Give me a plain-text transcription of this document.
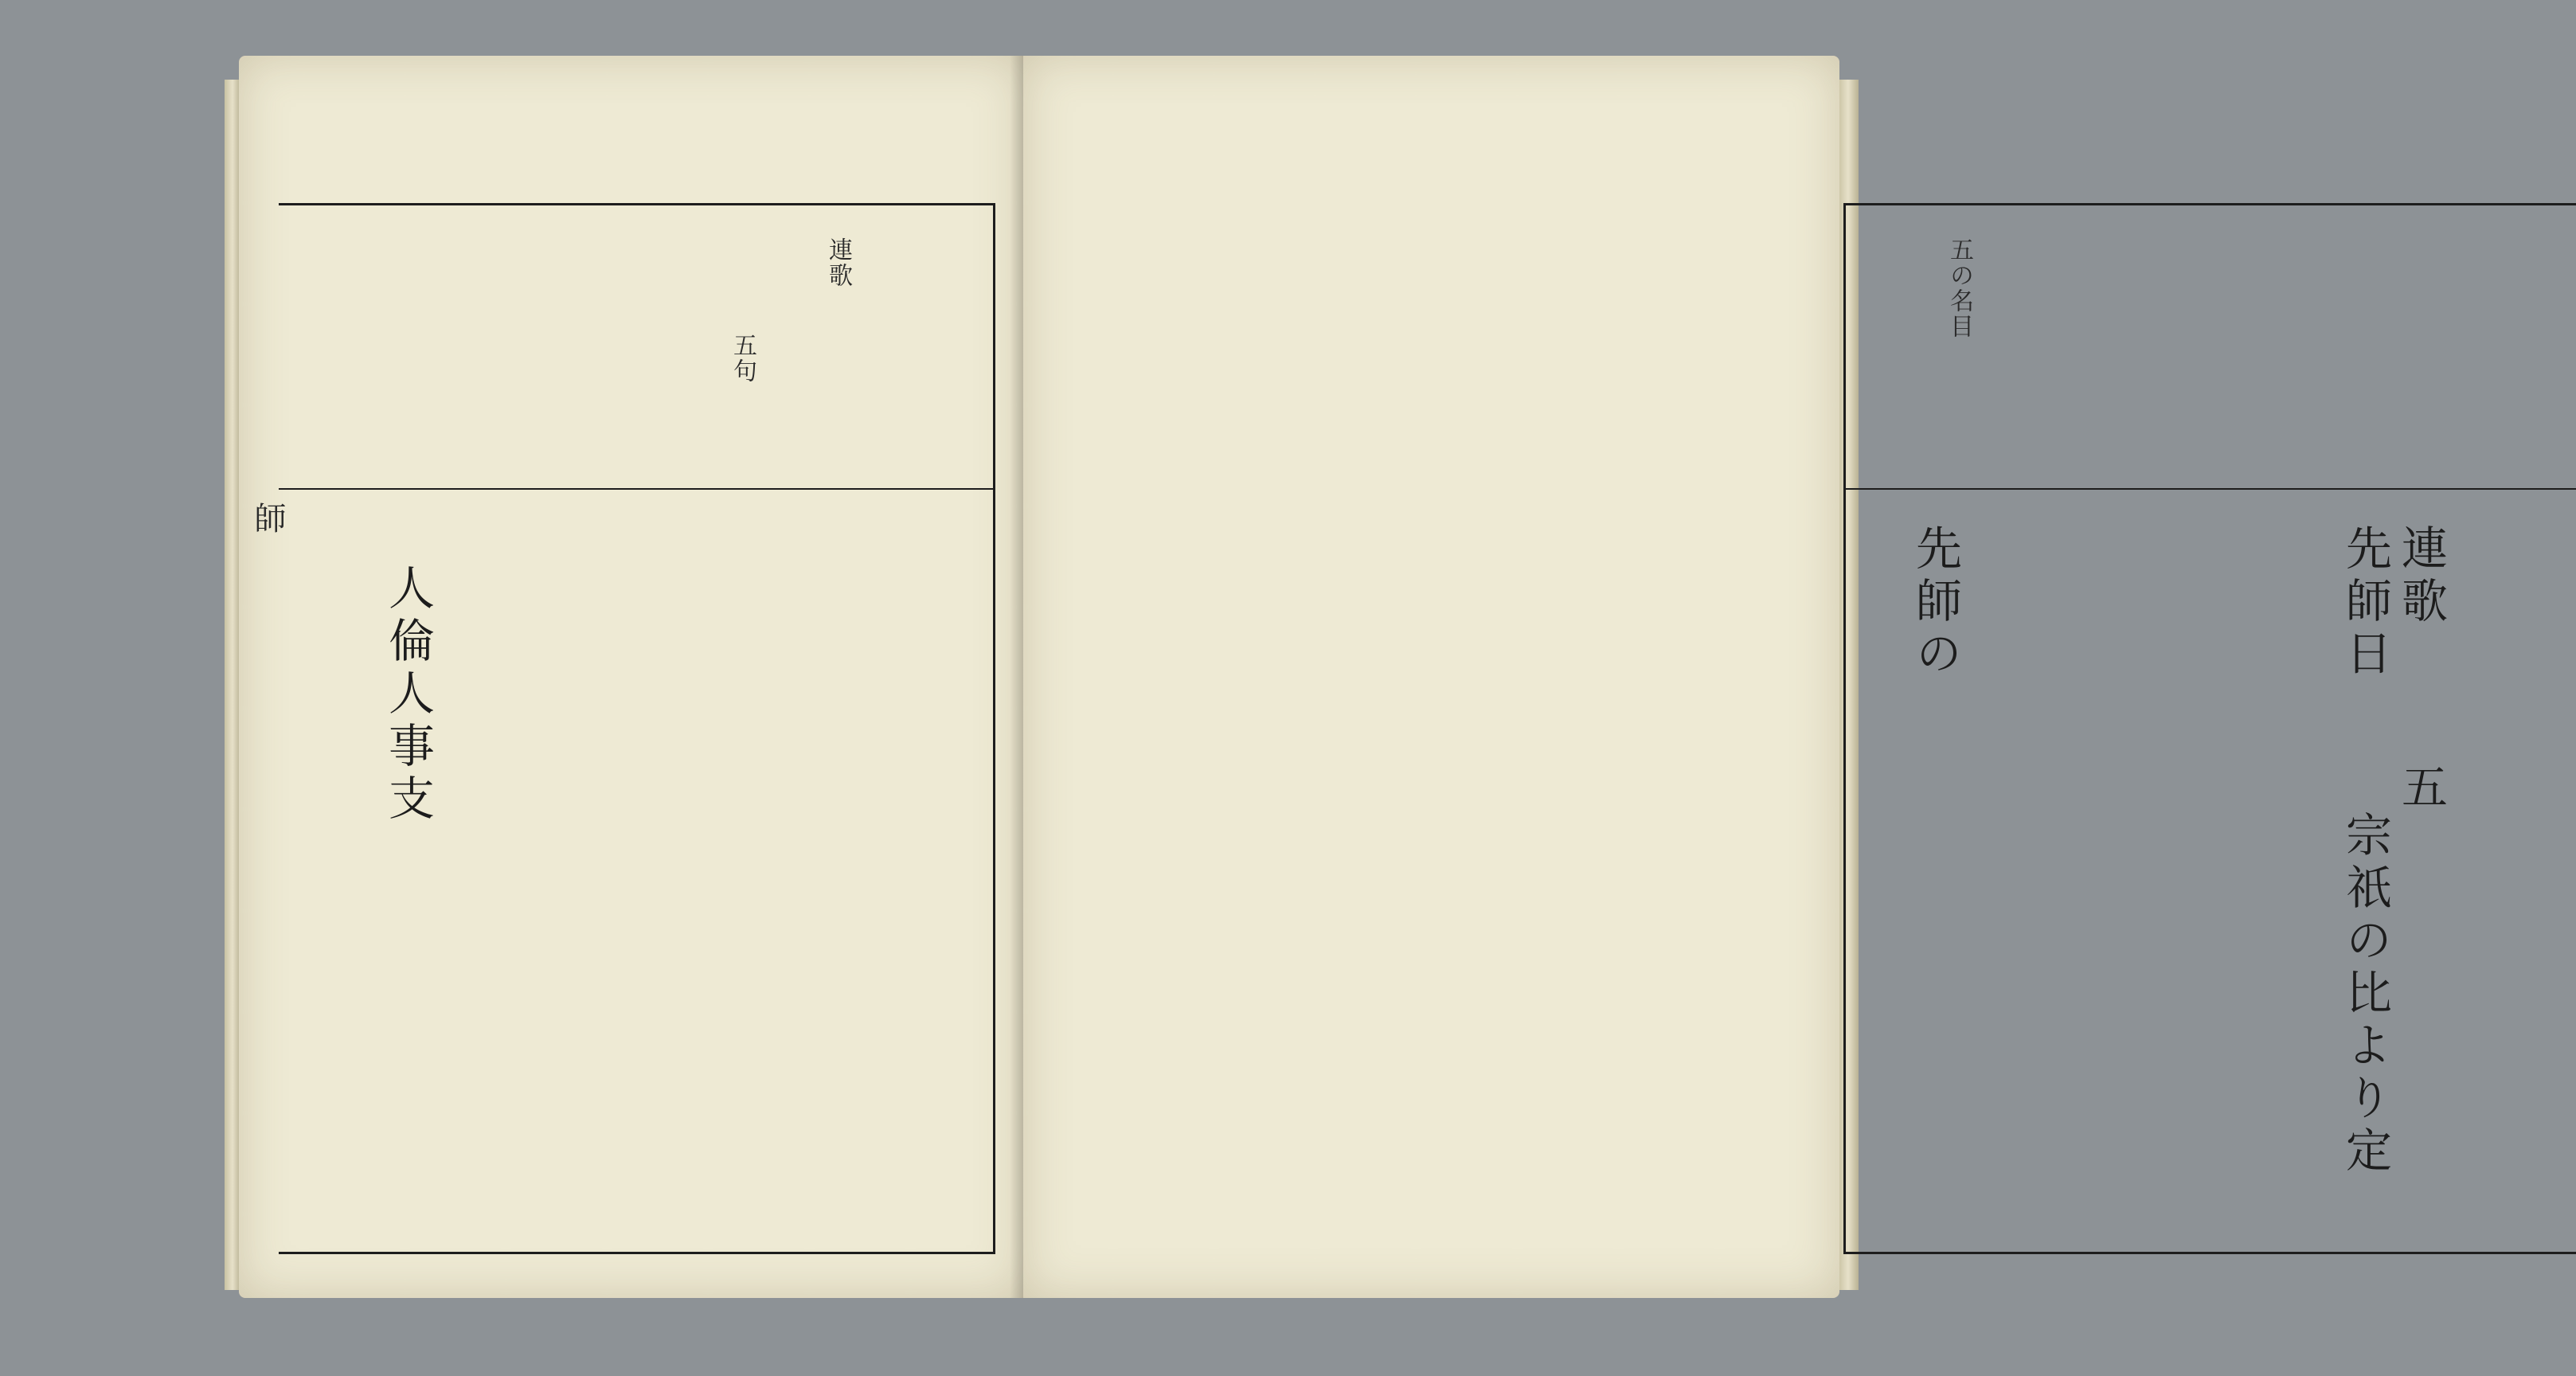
師
連歌
五句
人倫人事支
五の名目
連歌
五
先師日
宗祇の比より定
先師の
